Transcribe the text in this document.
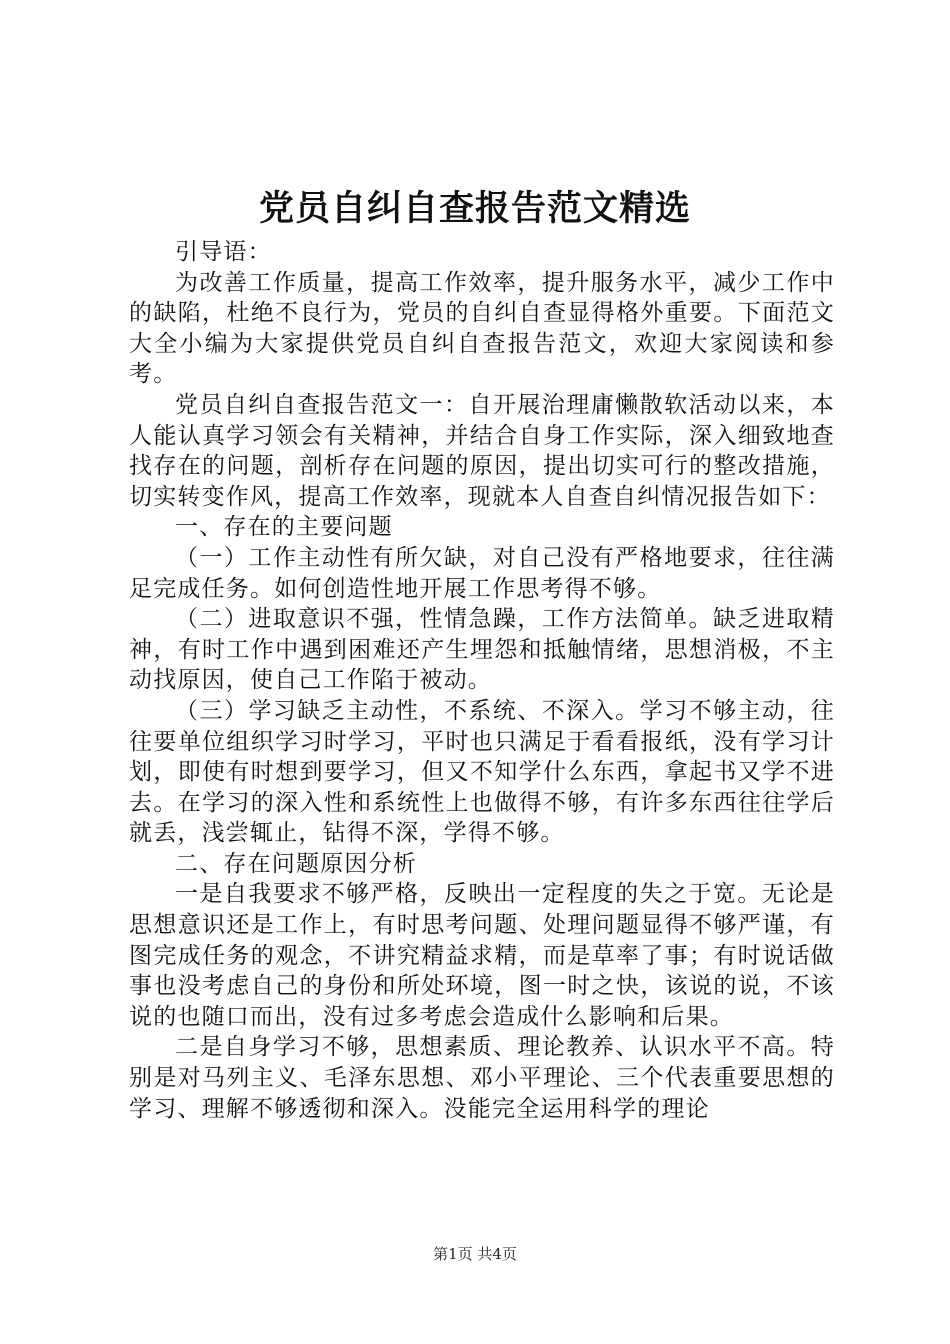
党员自纠自查报告范文精选

引导语：

为改善工作质量，提高工作效率，提升服务水平，减少工作中的缺陷，杜绝不良行为，党员的自纠自查显得格外重要。下面范文大全小编为大家提供党员自纠自查报告范文，欢迎大家阅读和参考。

党员自纠自查报告范文一：自开展治理庸懒散软活动以来，本人能认真学习领会有关精神，并结合自身工作实际，深入细致地查找存在的问题，剖析存在问题的原因，提出切实可行的整改措施，切实转变作风，提高工作效率，现就本人自查自纠情况报告如下：

一、存在的主要问题

（一）工作主动性有所欠缺，对自己没有严格地要求，往往满足完成任务。如何创造性地开展工作思考得不够。

（二）进取意识不强，性情急躁，工作方法简单。缺乏进取精神，有时工作中遇到困难还产生埋怨和抵触情绪，思想消极，不主动找原因，使自己工作陷于被动。

（三）学习缺乏主动性，不系统、不深入。学习不够主动，往往要单位组织学习时学习，平时也只满足于看看报纸，没有学习计划，即使有时想到要学习，但又不知学什么东西，拿起书又学不进去。在学习的深入性和系统性上也做得不够，有许多东西往往学后就丢，浅尝辄止，钻得不深，学得不够。

二、存在问题原因分析

一是自我要求不够严格，反映出一定程度的失之于宽。无论是思想意识还是工作上，有时思考问题、处理问题显得不够严谨，有图完成任务的观念，不讲究精益求精，而是草率了事；有时说话做事也没考虑自己的身份和所处环境，图一时之快，该说的说，不该说的也随口而出，没有过多考虑会造成什么影响和后果。

二是自身学习不够，思想素质、理论教养、认识水平不高。特别是对马列主义、毛泽东思想、邓小平理论、三个代表重要思想的学习、理解不够透彻和深入。没能完全运用科学的理论

第1页 共4页
